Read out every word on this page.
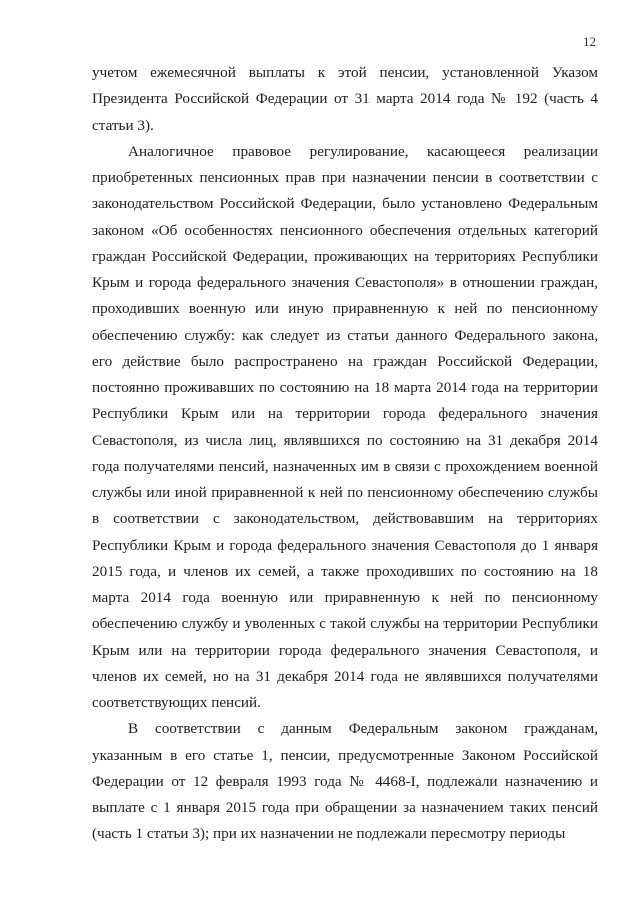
12
учетом ежемесячной выплаты к этой пенсии, установленной Указом
Президента Российской Федерации от 31 марта 2014 года № 192 (часть 4
статьи 3).
Аналогичное правовое регулирование, касающееся реализации
приобретенных пенсионных прав при назначении пенсии в соответствии с
законодательством Российской Федерации, было установлено Федеральным
законом «Об особенностях пенсионного обеспечения отдельных категорий
граждан Российской Федерации, проживающих на территориях Республики
Крым и города федерального значения Севастополя» в отношении граждан,
проходивших военную или иную приравненную к ней по пенсионному
обеспечению службу: как следует из статьи данного Федерального закона,
его действие было распространено на граждан Российской Федерации,
постоянно проживавших по состоянию на 18 марта 2014 года на территории
Республики Крым или на территории города федерального значения
Севастополя, из числа лиц, являвшихся по состоянию на 31 декабря 2014
года получателями пенсий, назначенных им в связи с прохождением военной
службы или иной приравненной к ней по пенсионному обеспечению службы
в соответствии с законодательством, действовавшим на территориях
Республики Крым и города федерального значения Севастополя до 1 января
2015 года, и членов их семей, а также проходивших по состоянию на 18
марта 2014 года военную или приравненную к ней по пенсионному
обеспечению службу и уволенных с такой службы на территории Республики
Крым или на территории города федерального значения Севастополя, и
членов их семей, но на 31 декабря 2014 года не являвшихся получателями
соответствующих пенсий.
В соответствии с данным Федеральным законом гражданам,
указанным в его статье 1, пенсии, предусмотренные Законом Российской
Федерации от 12 февраля 1993 года № 4468-I, подлежали назначению и
выплате с 1 января 2015 года при обращении за назначением таких пенсий
(часть 1 статьи 3); при их назначении не подлежали пересмотру периоды
